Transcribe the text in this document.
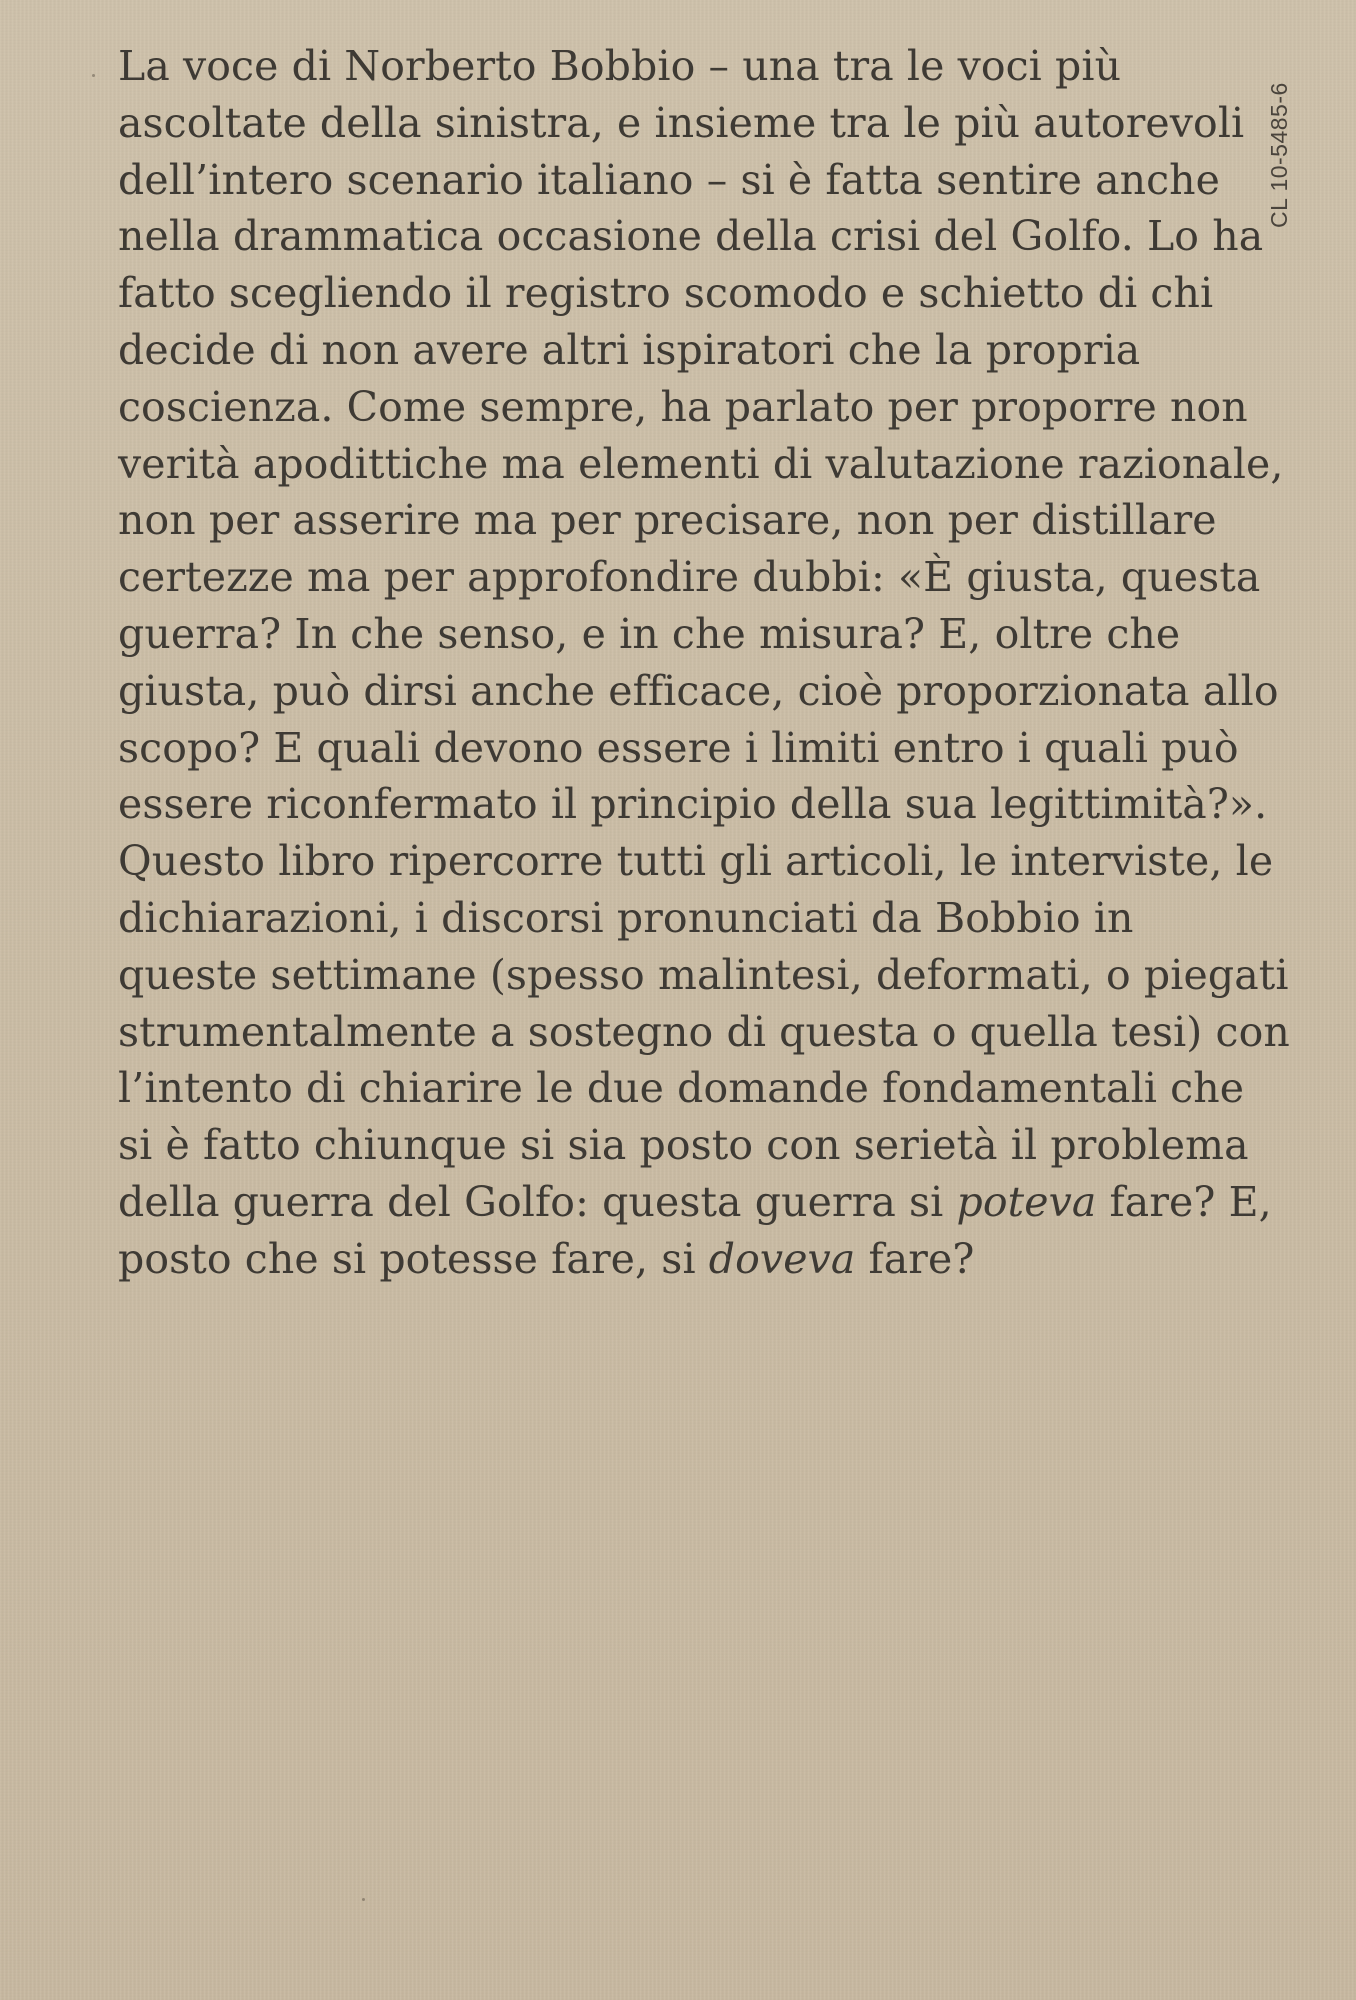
CL 10-5485-6

La voce di Norberto Bobbio – una tra le voci più
ascoltate della sinistra, e insieme tra le più autorevoli
dell’intero scenario italiano – si è fatta sentire anche
nella drammatica occasione della crisi del Golfo. Lo ha
fatto scegliendo il registro scomodo e schietto di chi
decide di non avere altri ispiratori che la propria
coscienza. Come sempre, ha parlato per proporre non
verità apodittiche ma elementi di valutazione razionale,
non per asserire ma per precisare, non per distillare
certezze ma per approfondire dubbi: «È giusta, questa
guerra? In che senso, e in che misura? E, oltre che
giusta, può dirsi anche efficace, cioè proporzionata allo
scopo? E quali devono essere i limiti entro i quali può
essere riconfermato il principio della sua legittimità?».
Questo libro ripercorre tutti gli articoli, le interviste, le
dichiarazioni, i discorsi pronunciati da Bobbio in
queste settimane (spesso malintesi, deformati, o piegati
strumentalmente a sostegno di questa o quella tesi) con
l’intento di chiarire le due domande fondamentali che
si è fatto chiunque si sia posto con serietà il problema
della guerra del Golfo: questa guerra si poteva fare? E,
posto che si potesse fare, si doveva fare?
